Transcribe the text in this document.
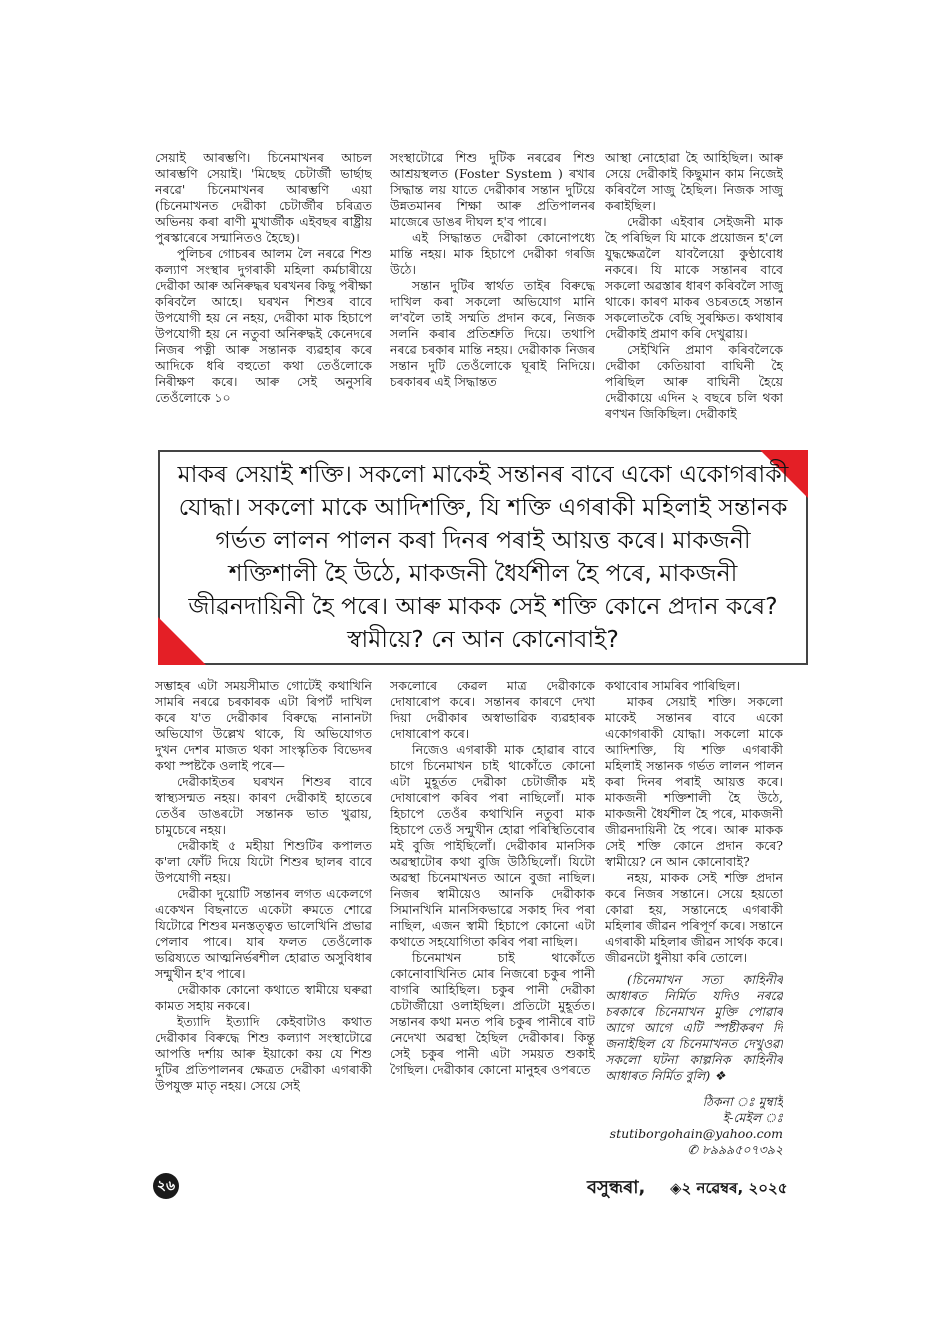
সেয়াই আৰম্ভণি। চিনেমাখনৰ আচল আৰম্ভণি সেয়াই। 'মিছেছ চেটাৰ্জী ভাৰ্ছাছ নৰৱে' চিনেমাখনৰ আৰম্ভণি এয়া (চিনেমাখনত দেৱীকা চেটাৰ্জীৰ চৰিত্ৰত অভিনয় কৰা ৰাণী মুখাৰ্জীক এইবছৰ ৰাষ্ট্ৰীয় পুৰস্কাৰেৰে সন্মানিতও হৈছে)।

পুলিচৰ গোচৰৰ আলম লৈ নৰৱে শিশু কল্যাণ সংস্থাৰ দুগৰাকী মহিলা কৰ্মচাৰীয়ে দেৱীকা আৰু অনিৰুদ্ধৰ ঘৰখনৰ কিছু পৰীক্ষা কৰিবলৈ আহে। ঘৰখন শিশুৰ বাবে উপযোগী হয় নে নহয়, দেৱীকা মাক হিচাপে উপযোগী হয় নে নতুবা অনিৰুদ্ধই কেনেদৰে নিজৰ পত্নী আৰু সন্তানক ব্যৱহাৰ কৰে আদিকে ধৰি বহুতো কথা তেওঁলোকে নিৰীক্ষণ কৰে। আৰু সেই অনুসৰি তেওঁলোকে ১০

সংস্থাটোৱে শিশু দুটিক নৰৱেৰ শিশু আশ্ৰয়স্থলত (Foster System ) ৰখাৰ সিদ্ধান্ত লয় যাতে দেৱীকাৰ সন্তান দুটিয়ে উন্নতমানৰ শিক্ষা আৰু প্ৰতিপালনৰ মাজেৰে ডাঙৰ দীঘল হ'ব পাৰে।

এই সিদ্ধান্তত দেৱীকা কোনোপধ্যে মান্তি নহয়। মাক হিচাপে দেৱীকা গৰজি উঠে।

সন্তান দুটিৰ স্বাৰ্থত তাইৰ বিৰুদ্ধে দাখিল কৰা সকলো অভিযোগ মানি ল'বলৈ তাই সম্মতি প্ৰদান কৰে, নিজক সলনি কৰাৰ প্ৰতিশ্ৰুতি দিয়ে। তথাপি নৰৱে চৰকাৰ মান্তি নহয়। দেৱীকাক নিজৰ সন্তান দুটি তেওঁলোকে ঘূৰাই নিদিয়ে। চৰকাৰৰ এই সিদ্ধান্তত

আস্থা নোহোৱা হৈ আহিছিল। আৰু সেয়ে দেৱীকাই কিছুমান কাম নিজেই কৰিবলৈ সাজু হৈছিল। নিজক সাজু কৰাইছিল।

দেৱীকা এইবাৰ সেইজনী মাক হৈ পৰিছিল যি মাকে প্ৰয়োজন হ'লে যুদ্ধক্ষেত্ৰলৈ যাবলৈয়ো কুণ্ঠাবোধ নকৰে। যি মাকে সন্তানৰ বাবে সকলো অৱস্তাৰ ধাৰণ কৰিবলৈ সাজু থাকে। কাৰণ মাকৰ ওচৰতহে সন্তান সকলোতকৈ বেছি সুৰক্ষিত। কথাষাৰ দেৱীকাই প্ৰমাণ কৰি দেখুৱায়।

সেইখিনি প্ৰমাণ কৰিবলৈকে দেৱীকা কেতিয়াবা বাঘিনী হৈ পৰিছিল আৰু বাঘিনী হৈয়ে দেৱীকায়ে এদিন ২ বছৰে চলি থকা ৰণখন জিকিছিল। দেৱীকাই

মাকৰ সেয়াই শক্তি। সকলো মাকেই সন্তানৰ বাবে একো একোগৰাকী যোদ্ধা। সকলো মাকে আদিশক্তি, যি শক্তি এগৰাকী মহিলাই সন্তানক গৰ্ভত লালন পালন কৰা দিনৰ পৰাই আয়ত্ত কৰে। মাকজনী শক্তিশালী হৈ উঠে, মাকজনী ধৈৰ্যশীল হৈ পৰে, মাকজনী জীৱনদায়িনী হৈ পৰে। আৰু মাকক সেই শক্তি কোনে প্ৰদান কৰে? স্বামীয়ে? নে আন কোনোবাই?

সম্ভাহৰ এটা সময়সীমাত গোটেই কথাখিনি সামৰি নৰৱে চৰকাৰক এটা ৰিপৰ্ট দাখিল কৰে য'ত দেৱীকাৰ বিৰুদ্ধে নানানটা অভিযোগ উল্লেখ থাকে, যি অভিযোগত দুখন দেশৰ মাজত থকা সাংস্কৃতিক বিভেদৰ কথা স্পষ্টকৈ ওলাই পৰে—

দেৱীকাইতৰ ঘৰখন শিশুৰ বাবে স্বাস্থ্যসন্মত নহয়। কাৰণ দেৱীকাই হাতেৰে তেওঁৰ ডাঙৰটো সন্তানক ভাত খুৱায়, চামুচেৰে নহয়।

দেৱীকাই ৫ মহীয়া শিশুটিৰ কপালত ক'লা ফোঁট দিয়ে যিটো শিশুৰ ছালৰ বাবে উপযোগী নহয়।

দেৱীকা দুয়োটি সন্তানৰ লগত একেলগে একেখন বিছনাতে একেটা ৰুমতে শোৱে যিটোৱে শিশুৰ মনস্তত্ত্বত ভালেখিনি প্ৰভাৱ পেলাব পাৰে। যাৰ ফলত তেওঁলোক ভৱিষ্যতে আত্মনিৰ্ভৰশীল হোৱাত অসুবিধাৰ সন্মুখীন হ'ব পাৰে।

দেৱীকাক কোনো কথাতে স্বামীয়ে ঘৰুৱা কামত সহায় নকৰে।

ইত্যাদি ইত্যাদি কেইবাটাও কথাত দেৱীকাৰ বিৰুদ্ধে শিশু কল্যাণ সংস্থাটোৱে আপত্তি দৰ্শায় আৰু ইয়াকো কয় যে শিশু দুটিৰ প্ৰতিপালনৰ ক্ষেত্ৰত দেৱীকা এগৰাকী উপযুক্ত মাতৃ নহয়। সেয়ে সেই

সকলোৰে কেৱল মাত্ৰ দেৱীকাকে দোষাৰোপ কৰে। সন্তানৰ কাৰণে দেখা দিয়া দেৱীকাৰ অস্বাভাৱিক ব্যৱহাৰক দোষাৰোপ কৰে।

নিজেও এগৰাকী মাক হোৱাৰ বাবে চাগে চিনেমাখন চাই থাকোঁতে কোনো এটা মুহূৰ্তত দেৱীকা চেটাৰ্জীক মই দোষাৰোপ কৰিব পৰা নাছিলোঁ। মাক হিচাপে তেওঁৰ কথাখিনি নতুবা মাক হিচাপে তেওঁ সন্মুখীন হোৱা পৰিস্থিতিবোৰ মই বুজি পাইছিলোঁ। দেৱীকাৰ মানসিক অৱস্থাটোৰ কথা বুজি উঠিছিলোঁ। যিটো অৱস্থা চিনেমাখনত আনে বুজা নাছিল। নিজৰ স্বামীয়েও আনকি দেৱীকাক সিমানখিনি মানসিকভাৱে সকাহ দিব পৰা নাছিল, এজন স্বামী হিচাপে কোনো এটা কথাতে সহযোগিতা কৰিব পৰা নাছিল।

চিনেমাখন চাই থাকোঁতে কোনোবাখিনিত মোৰ নিজৰো চকুৰ পানী বাগৰি আহিছিল। চকুৰ পানী দেৱীকা চেটাৰ্জীয়ো ওলাইছিল। প্ৰতিটো মুহূৰ্তত। সন্তানৰ কথা মনত পৰি চকুৰ পানীৰে বাট নেদেখা অৱস্থা হৈছিল দেৱীকাৰ। কিন্তু সেই চকুৰ পানী এটা সময়ত শুকাই গৈছিল। দেৱীকাৰ কোনো মানুহৰ ওপৰতে

কথাবোৰ সামৰিব পাৰিছিল।

মাকৰ সেয়াই শক্তি। সকলো মাকেই সন্তানৰ বাবে একো একোগৰাকী যোদ্ধা। সকলো মাকে আদিশক্তি, যি শক্তি এগৰাকী মহিলাই সন্তানক গৰ্ভত লালন পালন কৰা দিনৰ পৰাই আয়ত্ত কৰে। মাকজনী শক্তিশালী হৈ উঠে, মাকজনী ধৈৰ্যশীল হৈ পৰে, মাকজনী জীৱনদায়িনী হৈ পৰে। আৰু মাকক সেই শক্তি কোনে প্ৰদান কৰে? স্বামীয়ে? নে আন কোনোবাই?

নহয়, মাকক সেই শক্তি প্ৰদান কৰে নিজৰ সন্তানে। সেয়ে হয়তো কোৱা হয়, সন্তানেহে এগৰাকী মহিলাৰ জীৱন পৰিপূৰ্ণ কৰে। সন্তানে এগৰাকী মহিলাৰ জীৱন সাৰ্থক কৰে। জীৱনটো ধুনীয়া কৰি তোলে।

(চিনেমাখন সত্য কাহিনীৰ আধাৰত নিৰ্মিত যদিও নৰৱে চৰকাৰে চিনেমাখন মুক্তি পোৱাৰ আগে আগে এটি স্পষ্টীকৰণ দি জনাইছিল যে চিনেমাখনত দেখুওৱা সকলো ঘটনা কাল্পনিক কাহিনীৰ আধাৰত নিৰ্মিত বুলি) ❖

ঠিকনা ঃ মুম্বাই

ই-মেইল ঃ

stutiborgohain@yahoo.com

✆ ৮৯৯৯৫০৭৩৯২

২৬	বসুন্ধৰা, ◈২ নৱেম্বৰ, ২০২৫
